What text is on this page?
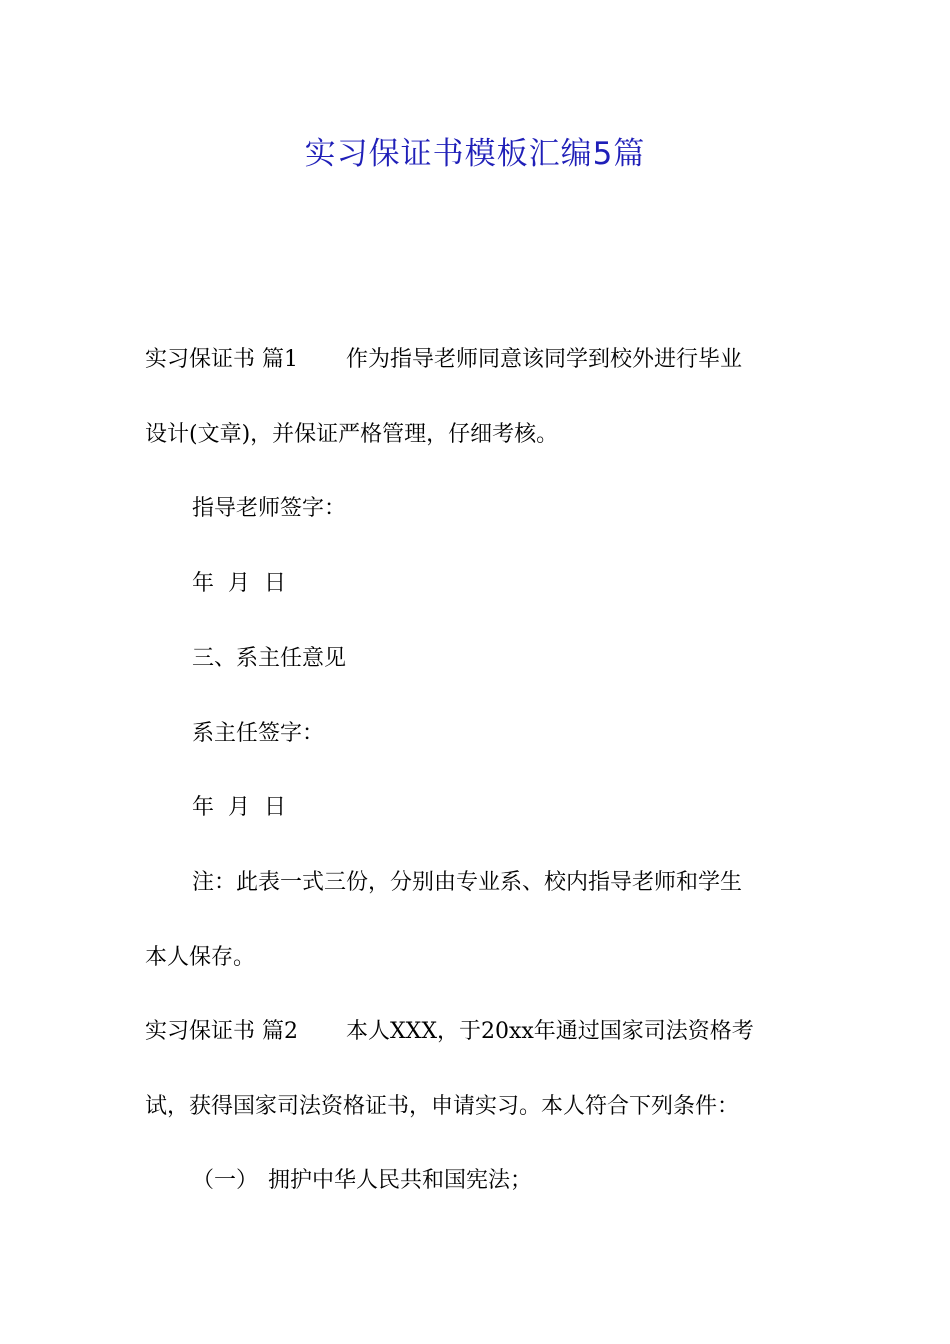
实习保证书模板汇编5篇

实习保证书 篇1 作为指导老师同意该同学到校外进行毕业

设计(文章)，并保证严格管理，仔细考核。

指导老师签字：

年  月  日

三、系主任意见

系主任签字：

年  月  日

注：此表一式三份，分别由专业系、校内指导老师和学生

本人保存。

实习保证书 篇2 本人XXX，于20xx年通过国家司法资格考

试，获得国家司法资格证书，申请实习。本人符合下列条件：

（一） 拥护中华人民共和国宪法；
